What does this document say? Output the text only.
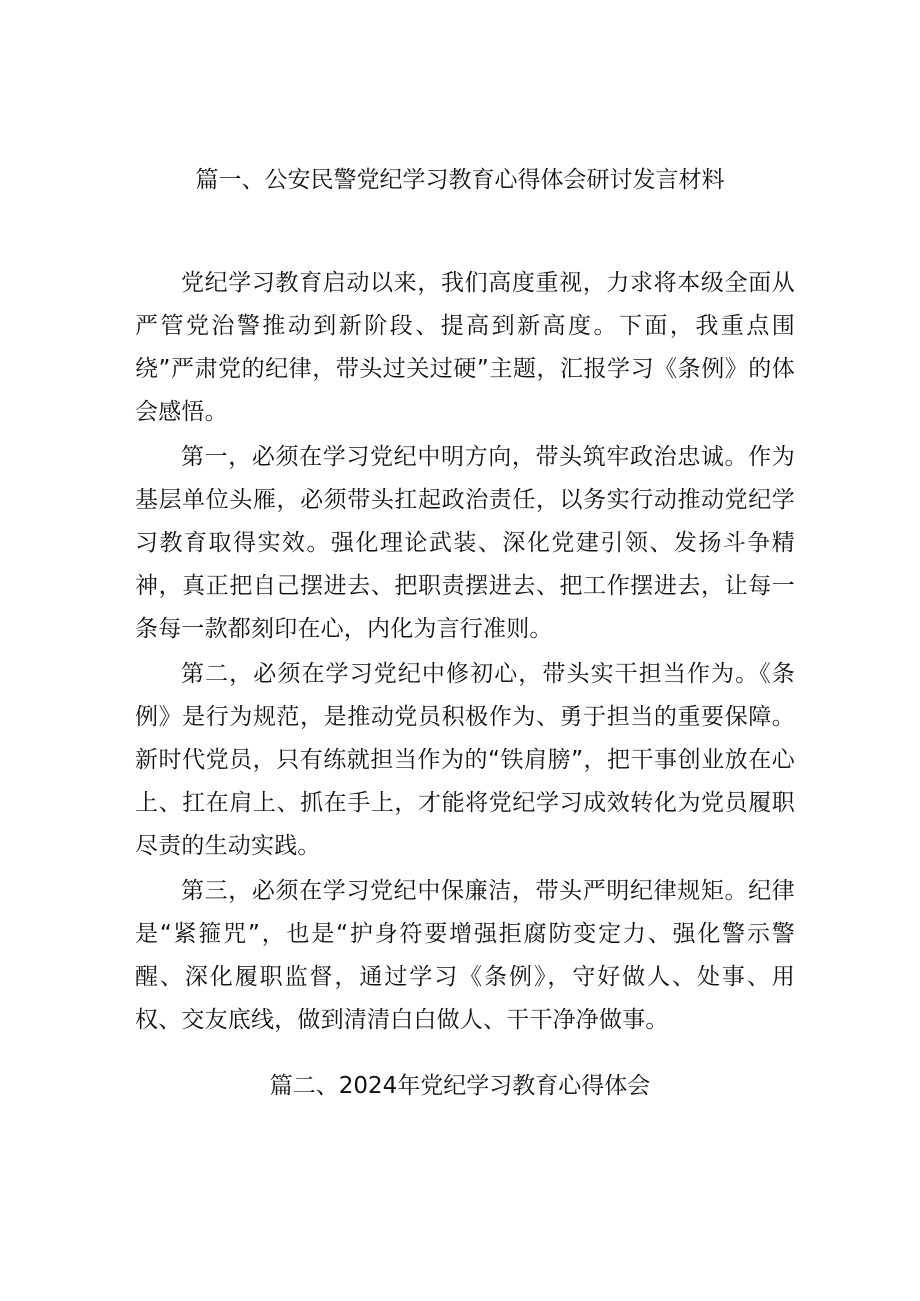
篇一、公安民警党纪学习教育心得体会研讨发言材料

党纪学习教育启动以来，我们高度重视，力求将本级全面从严管党治警推动到新阶段、提高到新高度。下面，我重点围绕”严肃党的纪律，带头过关过硬”主题，汇报学习《条例》的体会感悟。

第一，必须在学习党纪中明方向，带头筑牢政治忠诚。作为基层单位头雁，必须带头扛起政治责任，以务实行动推动党纪学习教育取得实效。强化理论武装、深化党建引领、发扬斗争精神，真正把自己摆进去、把职责摆进去、把工作摆进去，让每一条每一款都刻印在心，内化为言行准则。

第二，必须在学习党纪中修初心，带头实干担当作为。《条例》是行为规范，是推动党员积极作为、勇于担当的重要保障。新时代党员，只有练就担当作为的“铁肩膀”，把干事创业放在心上、扛在肩上、抓在手上，才能将党纪学习成效转化为党员履职尽责的生动实践。

第三，必须在学习党纪中保廉洁，带头严明纪律规矩。纪律是“紧箍咒”，也是“护身符要增强拒腐防变定力、强化警示警醒、深化履职监督，通过学习《条例》，守好做人、处事、用权、交友底线，做到清清白白做人、干干净净做事。

篇二、2024年党纪学习教育心得体会
